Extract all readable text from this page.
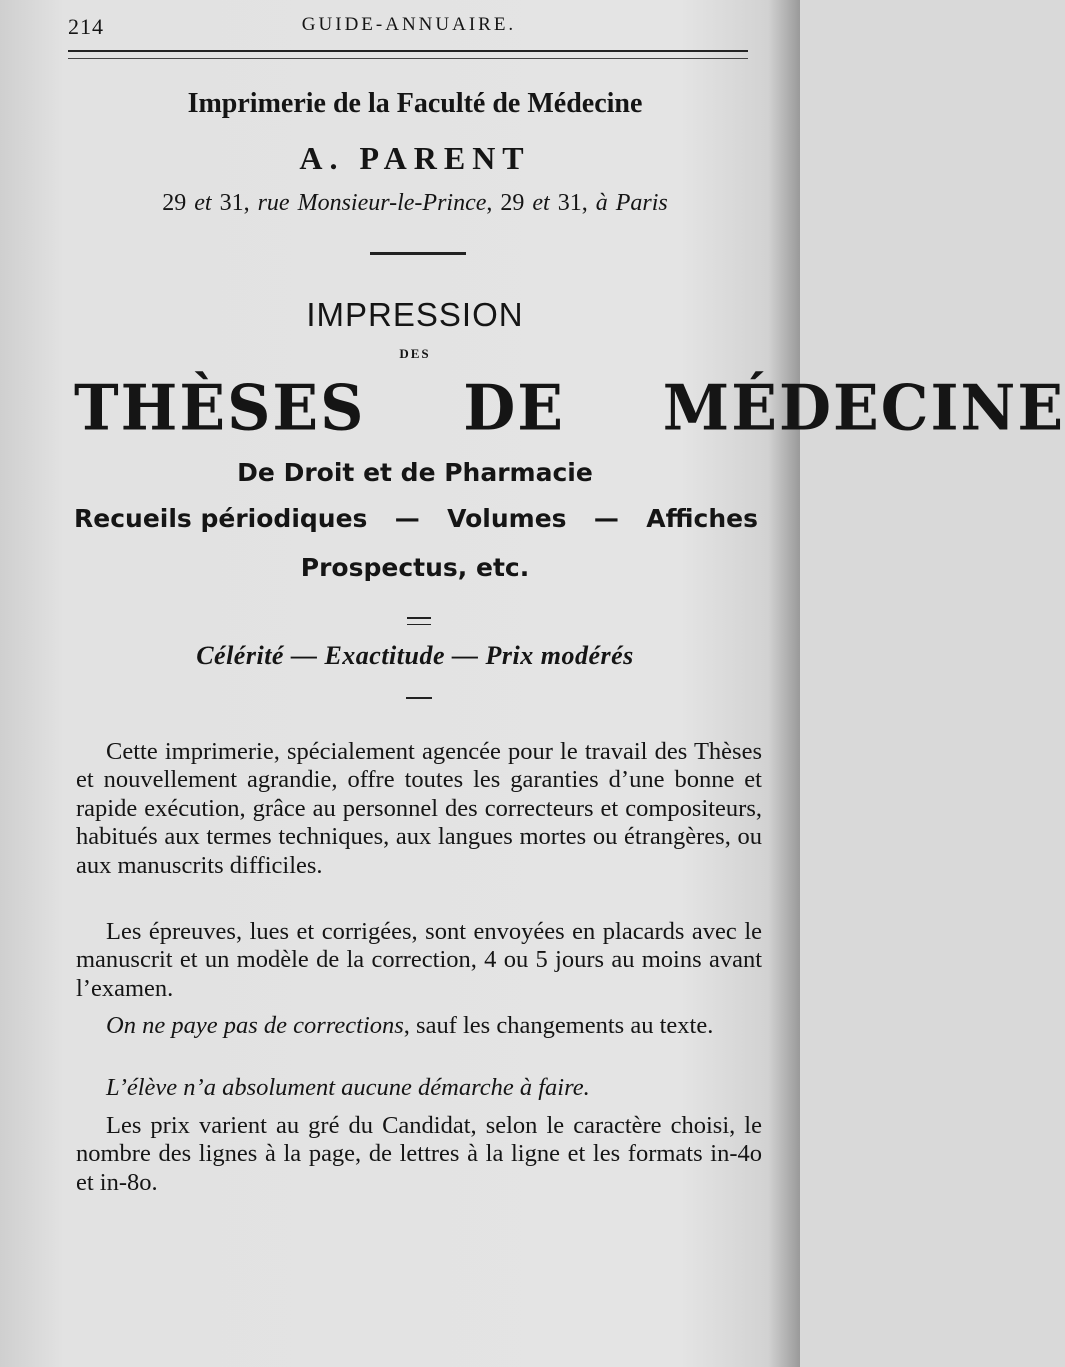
214	GUIDE-ANNUAIRE.
Imprimerie de la Faculté de Médecine
A. PARENT
29 et 31, rue Monsieur-le-Prince, 29 et 31, à Paris
IMPRESSION
DES
THÈSES DE MÉDECINE
De Droit et de Pharmacie
Recueils périodiques — Volumes — Affiches
Prospectus, etc.
Célérité — Exactitude — Prix modérés

Cette imprimerie, spécialement agencée pour le travail des Thèses et nouvellement agrandie, offre toutes les garanties d’une bonne et rapide exécution, grâce au personnel des correcteurs et compositeurs, habitués aux termes techniques, aux langues mortes ou étrangères, ou aux manuscrits difficiles.

Les épreuves, lues et corrigées, sont envoyées en placards avec le manuscrit et un modèle de la correction, 4 ou 5 jours au moins avant l’examen.

On ne paye pas de corrections, sauf les changements au texte.

L’élève n’a absolument aucune démarche à faire.

Les prix varient au gré du Candidat, selon le caractère choisi, le nombre des lignes à la page, de lettres à la ligne et les formats in-4o et in-8o.
